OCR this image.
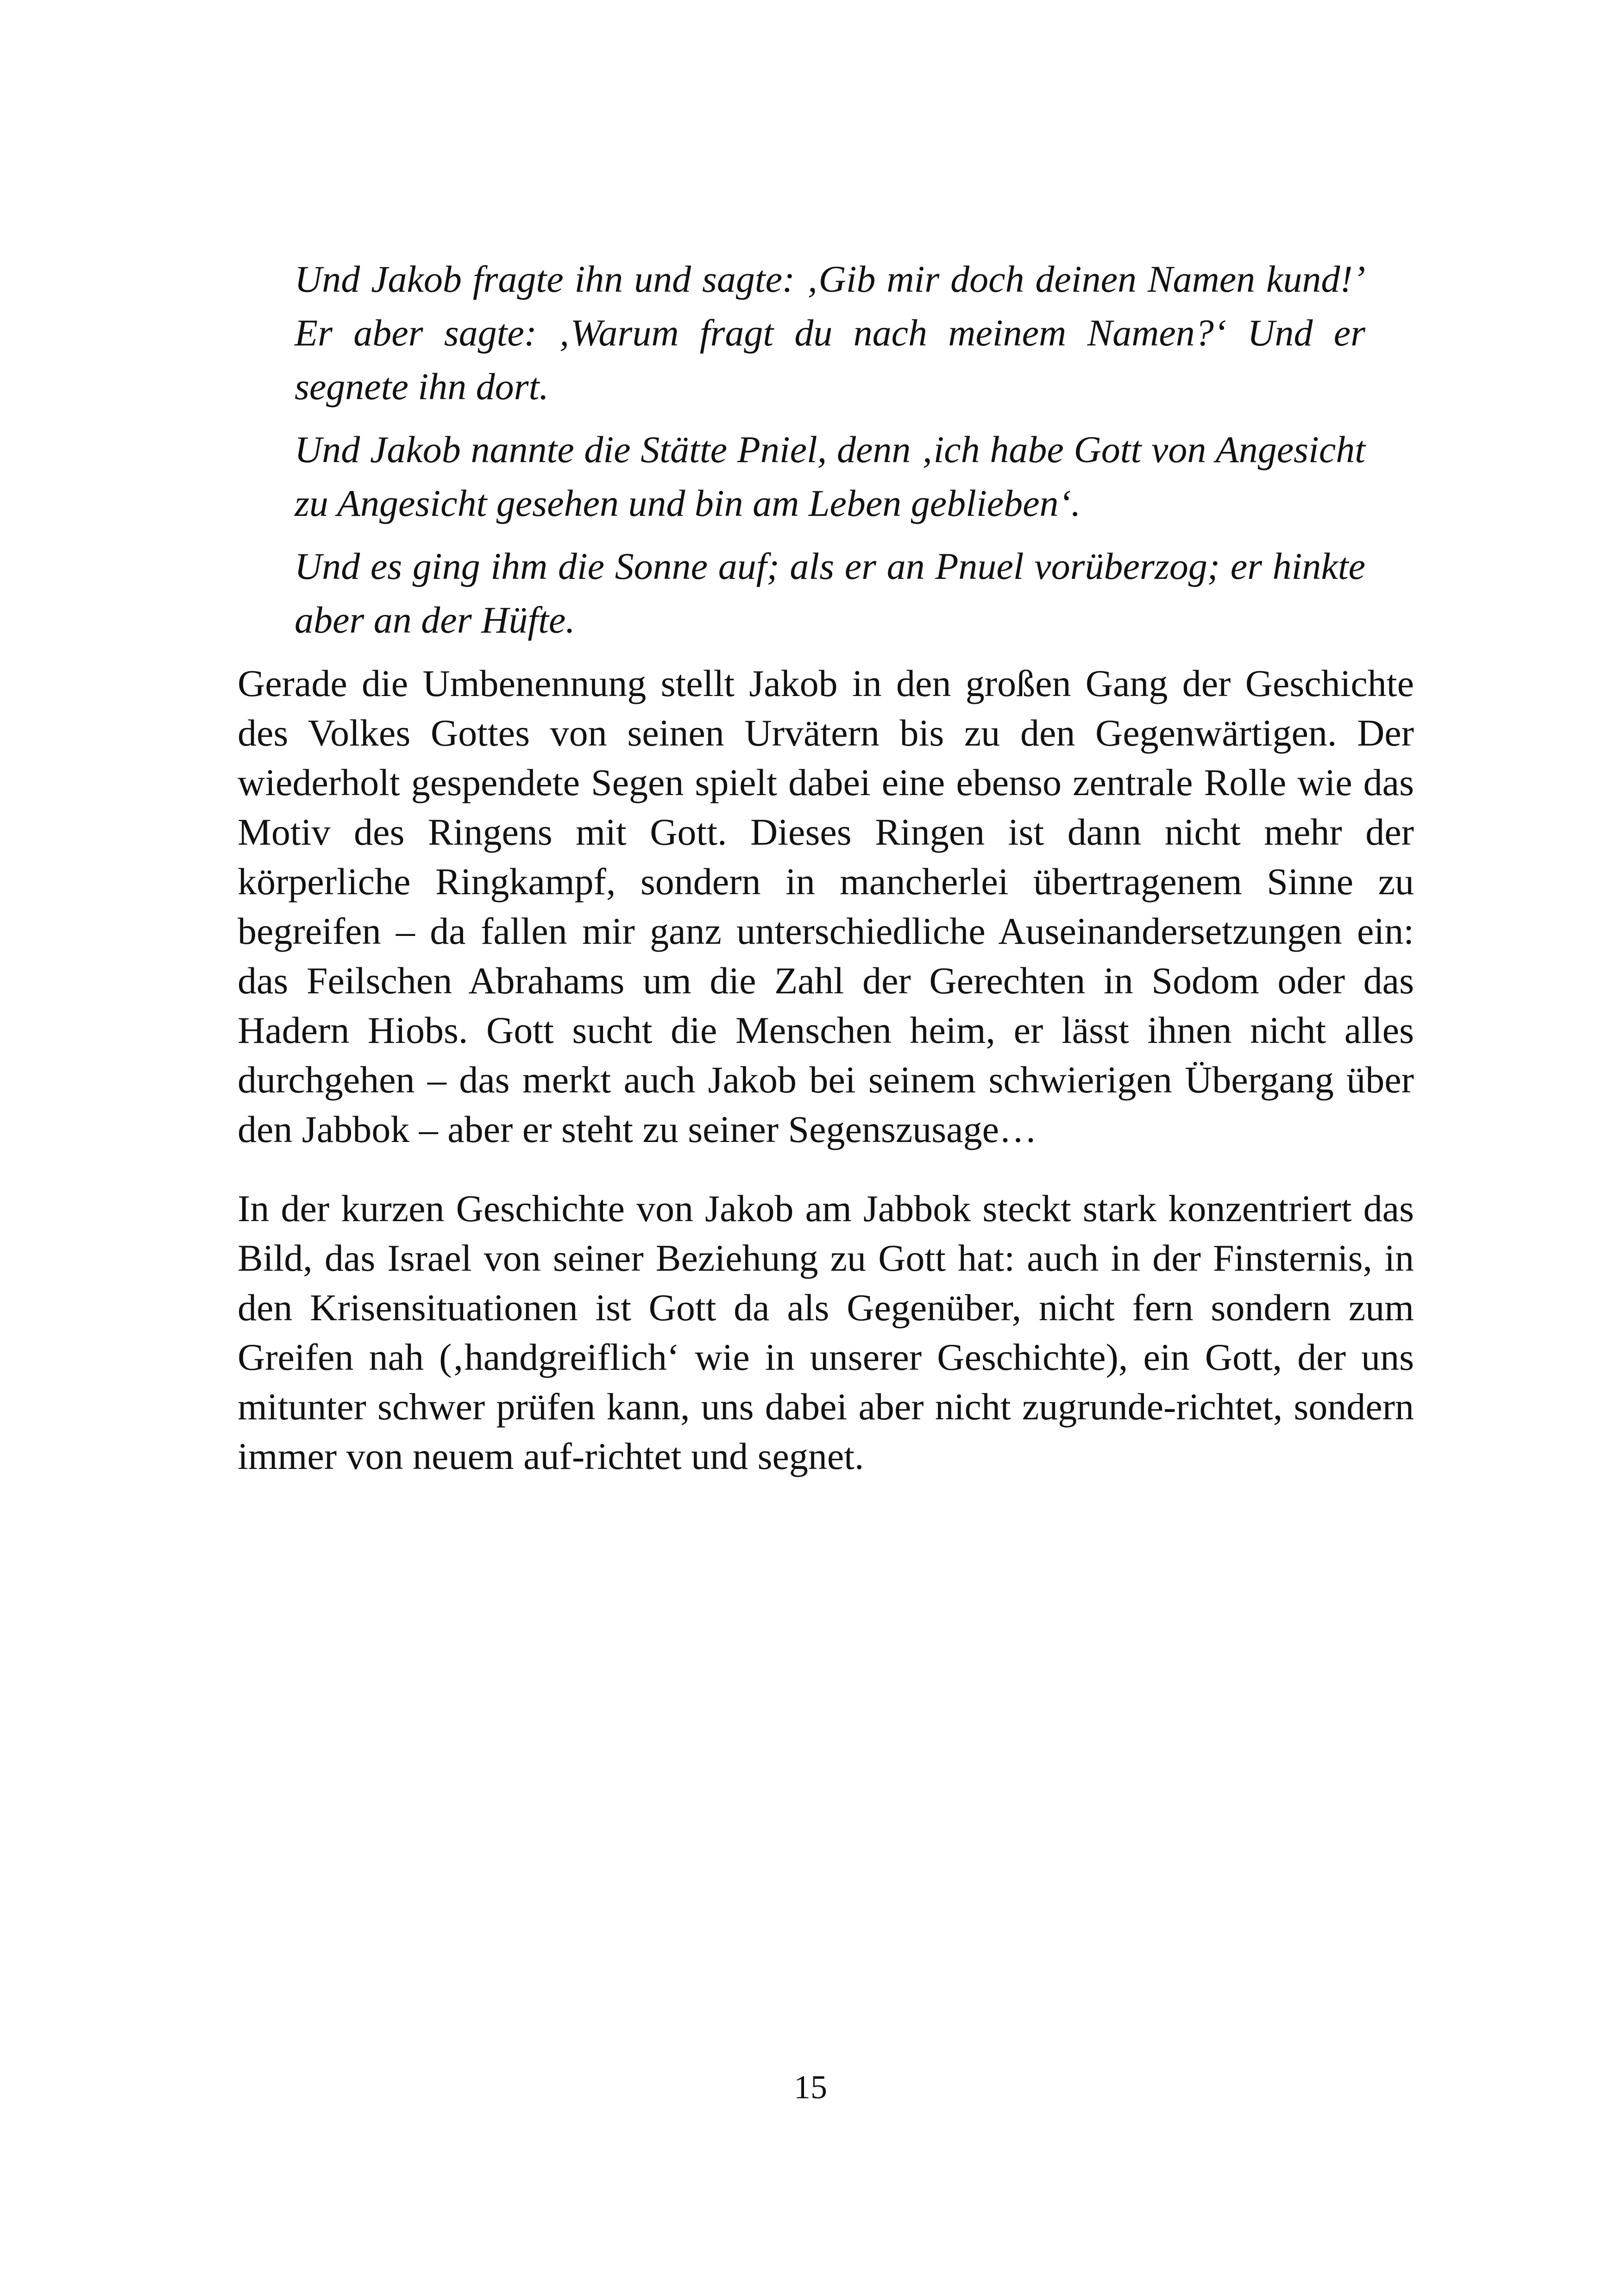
Und Jakob fragte ihn und sagte: ‚Gib mir doch deinen Namen kund!’ Er aber sagte: ‚Warum fragt du nach meinem Namen?‘ Und er segnete ihn dort.

Und Jakob nannte die Stätte Pniel, denn ‚ich habe Gott von Angesicht zu Angesicht gesehen und bin am Leben geblieben‘.

Und es ging ihm die Sonne auf; als er an Pnuel vorüberzog; er hinkte aber an der Hüfte.

Gerade die Umbenennung stellt Jakob in den großen Gang der Geschichte des Volkes Gottes von seinen Urvätern bis zu den Gegenwärtigen. Der wiederholt gespendete Segen spielt dabei eine ebenso zentrale Rolle wie das Motiv des Ringens mit Gott. Dieses Ringen ist dann nicht mehr der körperliche Ringkampf, sondern in mancherlei übertragenem Sinne zu begreifen – da fallen mir ganz unterschiedliche Auseinandersetzungen ein: das Feilschen Abrahams um die Zahl der Gerechten in Sodom oder das Hadern Hiobs. Gott sucht die Menschen heim, er lässt ihnen nicht alles durchgehen – das merkt auch Jakob bei seinem schwierigen Übergang über den Jabbok – aber er steht zu seiner Segenszusage…

In der kurzen Geschichte von Jakob am Jabbok steckt stark konzentriert das Bild, das Israel von seiner Beziehung zu Gott hat: auch in der Finsternis, in den Krisensituationen ist Gott da als Gegenüber, nicht fern sondern zum Greifen nah (‚handgreiflich‘ wie in unserer Geschichte), ein Gott, der uns mitunter schwer prüfen kann, uns dabei aber nicht zugrunde-richtet, sondern immer von neuem auf-richtet und segnet.

15
